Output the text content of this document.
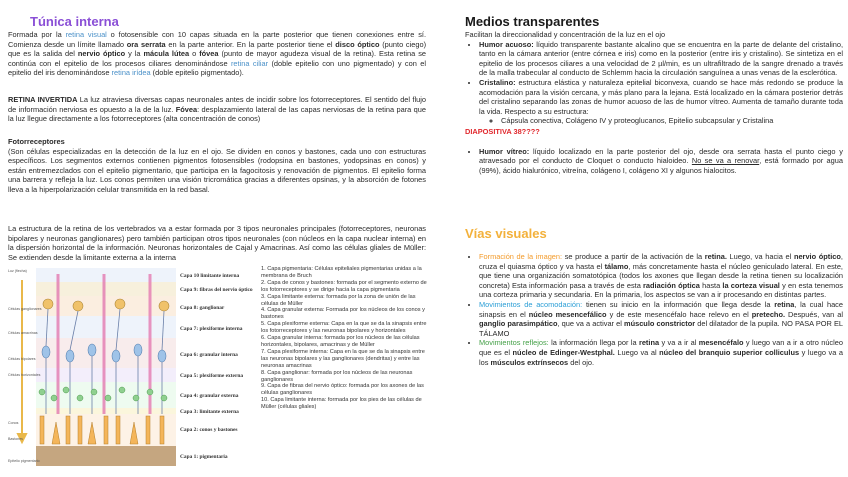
Túnica interna

Formada por la retina visual o fotosensible con 10 capas situada en la parte posterior que tienen conexiones entre sí. Comienza desde un límite llamado ora serrata en la parte anterior. En la parte posterior tiene el disco óptico (punto ciego) que es la salida del nervio óptico y la mácula lútea o fóvea (punto de mayor agudeza visual de la retina). Esta retina se continúa con el epitelio de los procesos ciliares denominándose retina ciliar (doble epitelio con uno pigmentado) y con el epitelio del iris denominándose retina irídea (doble epitelio pigmentado).

RETINA INVERTIDA La luz atraviesa diversas capas neuronales antes de incidir sobre los fotorreceptores. El sentido del flujo de información nerviosa es opuesto a la de la luz. Fóvea: desplazamiento lateral de las capas nerviosas de la retina para que la luz llegue directamente a los fotorreceptores (alta concentración de conos)

Fotorreceptores
(Son células especializadas en la detección de la luz en el ojo. Se dividen en conos y bastones, cada uno con estructuras específicos. Los segmentos externos contienen pigmentos fotosensibles (rodopsina en bastones, yodopsinas en conos) y están entremezclados con el epitelio pigmentario, que participa en la fagocitosis y renovación de pigmentos. El epitelio forma una barrera y refleja la luz. Los conos permiten una visión tricromática gracias a diferentes opsinas, y la absorción de fotones lleva a la hiperpolarización celular transmitida en la red basal.

La estructura de la retina de los vertebrados va a estar formada por 3 tipos neuronales principales (fotorreceptores, neuronas bipolares y neuronas ganglionares) pero también participan otros tipos neuronales (con núcleos en la capa nuclear interna) en la dispersión horizontal de la información. Neuronas horizontales de Cajal y Amacrinas. Así como las células gliales de Müller: Se extienden desde la limitante externa a la interna

Capa 10 limitante interna
Capa 9: fibras del nervio óptico
Capa 8: ganglionar
Capa 7: plexiforme interna
Capa 6: granular interna
Capa 5: plexiforme externa
Capa 4: granular externa
Capa 3: limitante externa
Capa 2: conos y bastones
Capa 1: pigmentaria
Luz (flecha)
Células ganglionares
Células amacrinas
Células bipolares
Células horizontales
Conos
Bastones
Epitelio pigmentario
1. Capa pigmentaria: Células epiteliales pigmentarias unidas a la membrana de Bruch
2. Capa de conos y bastones: formada por el segmento externo de los fotorreceptores y se dirige hacia la capa pigmentaria
3. Capa limitante externa: formada por la zona de unión de las células de Müller
4. Capa granular externa: Formada por los núcleos de los conos y bastones
5. Capa plexiforme externa: Capa en la que se da la sinapsis entre los fotorreceptores y las neuronas bipolares y horizontales
6. Capa granular interna: formada por los núcleos de las células horizontales, bipolares, amacrinas y de Müller
7. Capa plexiforme interna: Capa en la que se da la sinapsis entre las neuronas bipolares y las ganglionares (dendritas) y entre las neuronas amacrinas
8. Capa ganglionar: formada por los núcleos de las neuronas ganglionares
9. Capa de fibras del nervio óptico: formada por los axones de las células ganglionares
10. Capa limitante interna: formada por los pies de las células de Müller (células gliales)
Medios transparentes

Facilitan la direccionalidad y concentración de la luz en el ojo

• Humor acuoso: líquido transparente bastante alcalino que se encuentra en la parte de delante del cristalino, tanto en la cámara anterior (entre córnea e iris) como en la posterior (entre iris y cristalino). Se sintetiza en el epitelio de los procesos ciliares a una velocidad de 2 µl/min, es un ultrafiltrado de la sangre drenado a través de la malla trabecular al conducto de Schlemm hacia la circulación sanguínea a unas venas de la esclerótica.
• Cristalino: estructura elástica y naturaleza epitelial biconvexa, cuando se hace más redondo se produce la acomodación para la visión cercana, y más plano para la lejana. Está localizado en la cámara posterior detrás del cristalino separando las zonas de humor acuoso de las de humor vítreo. Aumenta de tamaño durante toda la vida. Respecto a su estructura:
◦ Cápsula conectiva, Colágeno IV y proteoglucanos, Epitelio subcapsular y Cristalina

DIAPOSITIVA 38????

• Humor vítreo: líquido localizado en la parte posterior del ojo, desde ora serrata hasta el punto ciego y atravesado por el conducto de Cloquet o conducto hialoideo. No se va a renovar, está formado por agua (99%), ácido hialurónico, vitreína, colágeno I, colágeno XI y algunos hialocitos.
Vías visuales
• Formación de la imagen: se produce a partir de la activación de la retina. Luego, va hacia el nervio óptico, cruza el quiasma óptico y va hasta el tálamo, más concretamente hasta el núcleo geniculado lateral. En este, que tiene una organización somatotópica (todos los axones que llegan desde la retina tienen su localización concreta) Esta información pasa a través de esta radiación óptica hasta la corteza visual y en esta tenemos una corteza primaria y secundaria. En la primaria, los aspectos se van a ir procesando en distintas partes.
• Movimientos de acomodación: tienen su inicio en la información que llega desde la retina, la cual hace sinapsis en el núcleo mesencefálico y de este mesencéfalo hace relevo en el pretecho. Después, van al ganglio parasimpático, que va a activar el músculo constrictor del dilatador de la pupila. NO PASA POR EL TÁLAMO
• Movimientos reflejos: la información llega por la retina y va a ir al mesencéfalo y luego van a ir a otro núcleo que es el núcleo de Edinger-Westphal. Luego va al núcleo del branquio superior colliculus y luego va a los músculos extrínsecos del ojo.
